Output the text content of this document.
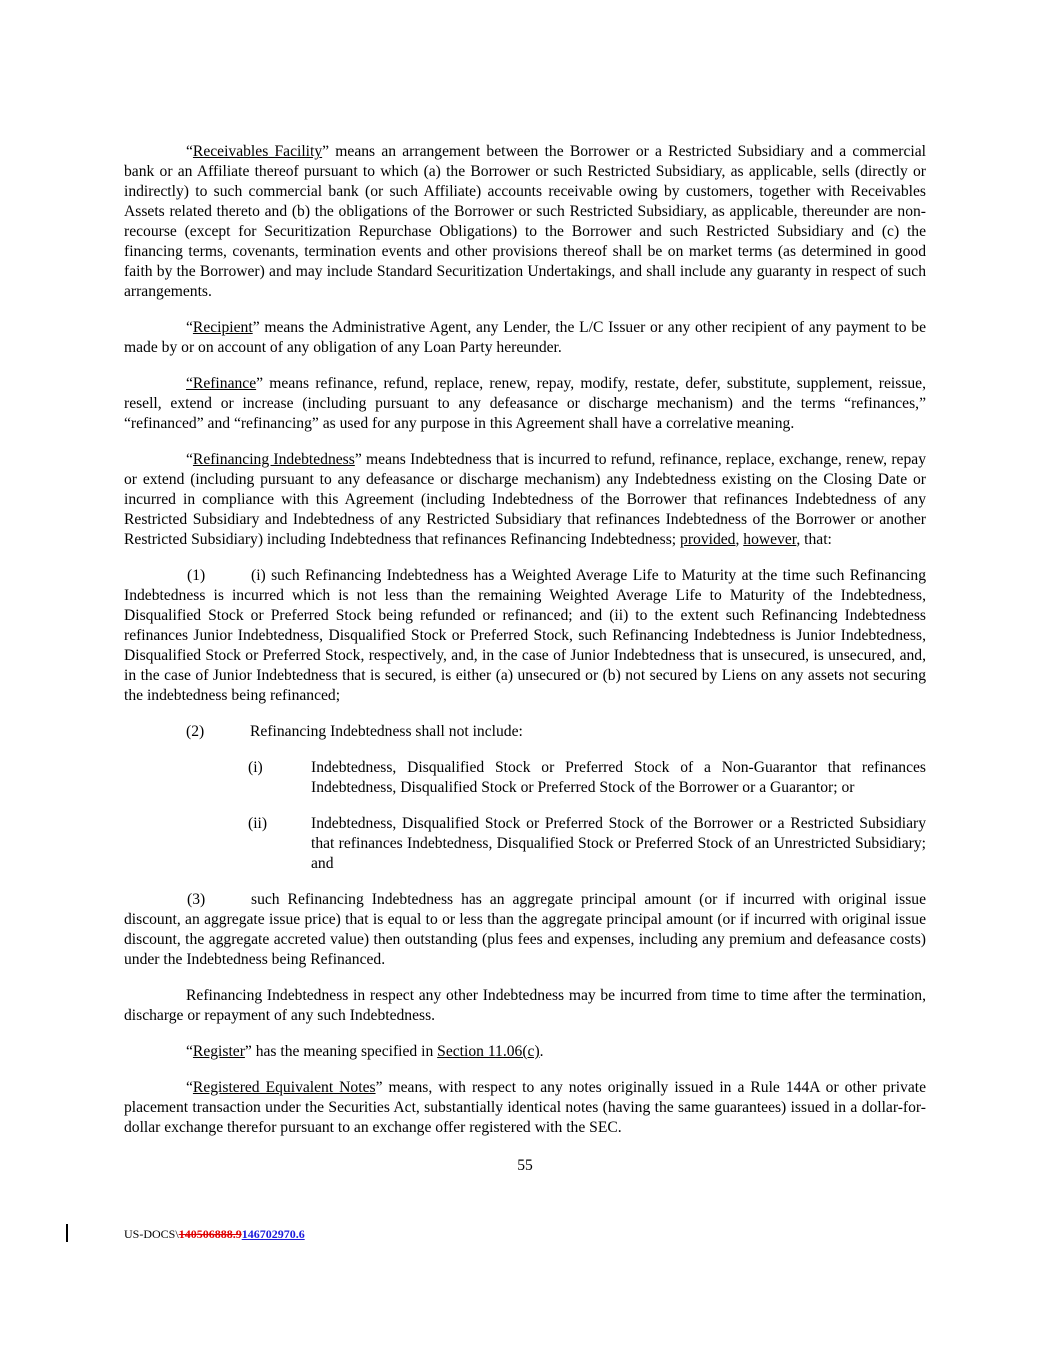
“Receivables Facility” means an arrangement between the Borrower or a Restricted Subsidiary and a commercial bank or an Affiliate thereof pursuant to which (a) the Borrower or such Restricted Subsidiary, as applicable, sells (directly or indirectly) to such commercial bank (or such Affiliate) accounts receivable owing by customers, together with Receivables Assets related thereto and (b) the obligations of the Borrower or such Restricted Subsidiary, as applicable, thereunder are non-recourse (except for Securitization Repurchase Obligations) to the Borrower and such Restricted Subsidiary and (c) the financing terms, covenants, termination events and other provisions thereof shall be on market terms (as determined in good faith by the Borrower) and may include Standard Securitization Undertakings, and shall include any guaranty in respect of such arrangements.

“Recipient” means the Administrative Agent, any Lender, the L/C Issuer or any other recipient of any payment to be made by or on account of any obligation of any Loan Party hereunder.

“Refinance” means refinance, refund, replace, renew, repay, modify, restate, defer, substitute, supplement, reissue, resell, extend or increase (including pursuant to any defeasance or discharge mechanism) and the terms “refinances,” “refinanced” and “refinancing” as used for any purpose in this Agreement shall have a correlative meaning.

“Refinancing Indebtedness” means Indebtedness that is incurred to refund, refinance, replace, exchange, renew, repay or extend (including pursuant to any defeasance or discharge mechanism) any Indebtedness existing on the Closing Date or incurred in compliance with this Agreement (including Indebtedness of the Borrower that refinances Indebtedness of any Restricted Subsidiary and Indebtedness of any Restricted Subsidiary that refinances Indebtedness of the Borrower or another Restricted Subsidiary) including Indebtedness that refinances Refinancing Indebtedness; provided, however, that:

(1)	(i) such Refinancing Indebtedness has a Weighted Average Life to Maturity at the time such Refinancing Indebtedness is incurred which is not less than the remaining Weighted Average Life to Maturity of the Indebtedness, Disqualified Stock or Preferred Stock being refunded or refinanced; and (ii) to the extent such Refinancing Indebtedness refinances Junior Indebtedness, Disqualified Stock or Preferred Stock, such Refinancing Indebtedness is Junior Indebtedness, Disqualified Stock or Preferred Stock, respectively, and, in the case of Junior Indebtedness that is unsecured, is unsecured, and, in the case of Junior Indebtedness that is secured, is either (a) unsecured or (b) not secured by Liens on any assets not securing the indebtedness being refinanced;

(2)	Refinancing Indebtedness shall not include:

(i)	Indebtedness, Disqualified Stock or Preferred Stock of a Non-Guarantor that refinances Indebtedness, Disqualified Stock or Preferred Stock of the Borrower or a Guarantor; or
(ii)	Indebtedness, Disqualified Stock or Preferred Stock of the Borrower or a Restricted Subsidiary that refinances Indebtedness, Disqualified Stock or Preferred Stock of an Unrestricted Subsidiary; and

(3)	such Refinancing Indebtedness has an aggregate principal amount (or if incurred with original issue discount, an aggregate issue price) that is equal to or less than the aggregate principal amount (or if incurred with original issue discount, the aggregate accreted value) then outstanding (plus fees and expenses, including any premium and defeasance costs) under the Indebtedness being Refinanced.

Refinancing Indebtedness in respect any other Indebtedness may be incurred from time to time after the termination, discharge or repayment of any such Indebtedness.

“Register” has the meaning specified in Section 11.06(c).

“Registered Equivalent Notes” means, with respect to any notes originally issued in a Rule 144A or other private placement transaction under the Securities Act, substantially identical notes (having the same guarantees) issued in a dollar-for-dollar exchange therefor pursuant to an exchange offer registered with the SEC.

55
US-DOCS\140506888.9146702970.6
